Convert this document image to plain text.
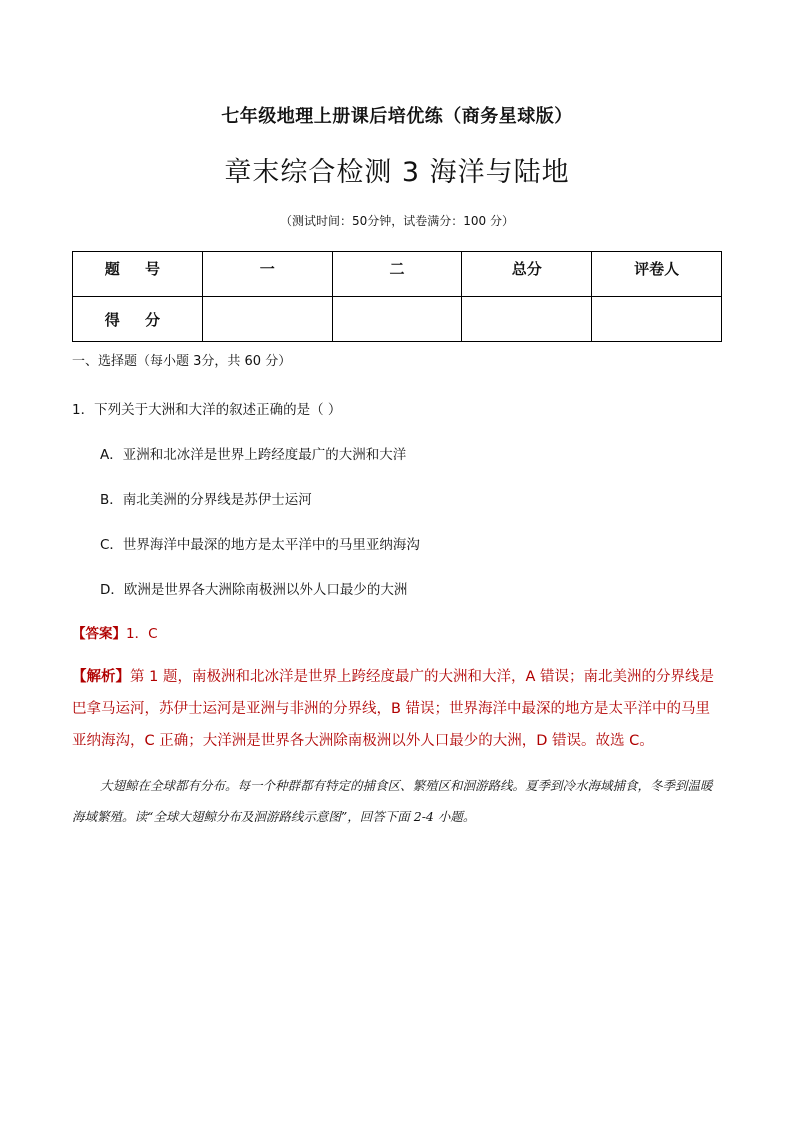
七年级地理上册课后培优练（商务星球版）
章末综合检测 3 海洋与陆地
（测试时间：50分钟，试卷满分：100 分）
题 号	一	二	总分	评卷人
得 分				
一、选择题（每小题 3分，共 60 分）
1．下列关于大洲和大洋的叙述正确的是（ ）
A．亚洲和北冰洋是世界上跨经度最广的大洲和大洋
B．南北美洲的分界线是苏伊士运河
C．世界海洋中最深的地方是太平洋中的马里亚纳海沟
D．欧洲是世界各大洲除南极洲以外人口最少的大洲
【答案】1．C
【解析】第 1 题，南极洲和北冰洋是世界上跨经度最广的大洲和大洋，A 错误；南北美洲的分界线是巴拿马运河，苏伊士运河是亚洲与非洲的分界线，B 错误；世界海洋中最深的地方是太平洋中的马里亚纳海沟，C 正确；大洋洲是世界各大洲除南极洲以外人口最少的大洲，D 错误。故选 C。
大翅鲸在全球都有分布。每一个种群都有特定的捕食区、繁殖区和洄游路线。夏季到冷水海域捕食，冬季到温暖海域繁殖。读“全球大翅鲸分布及洄游路线示意图”，回答下面 2-4 小题。
